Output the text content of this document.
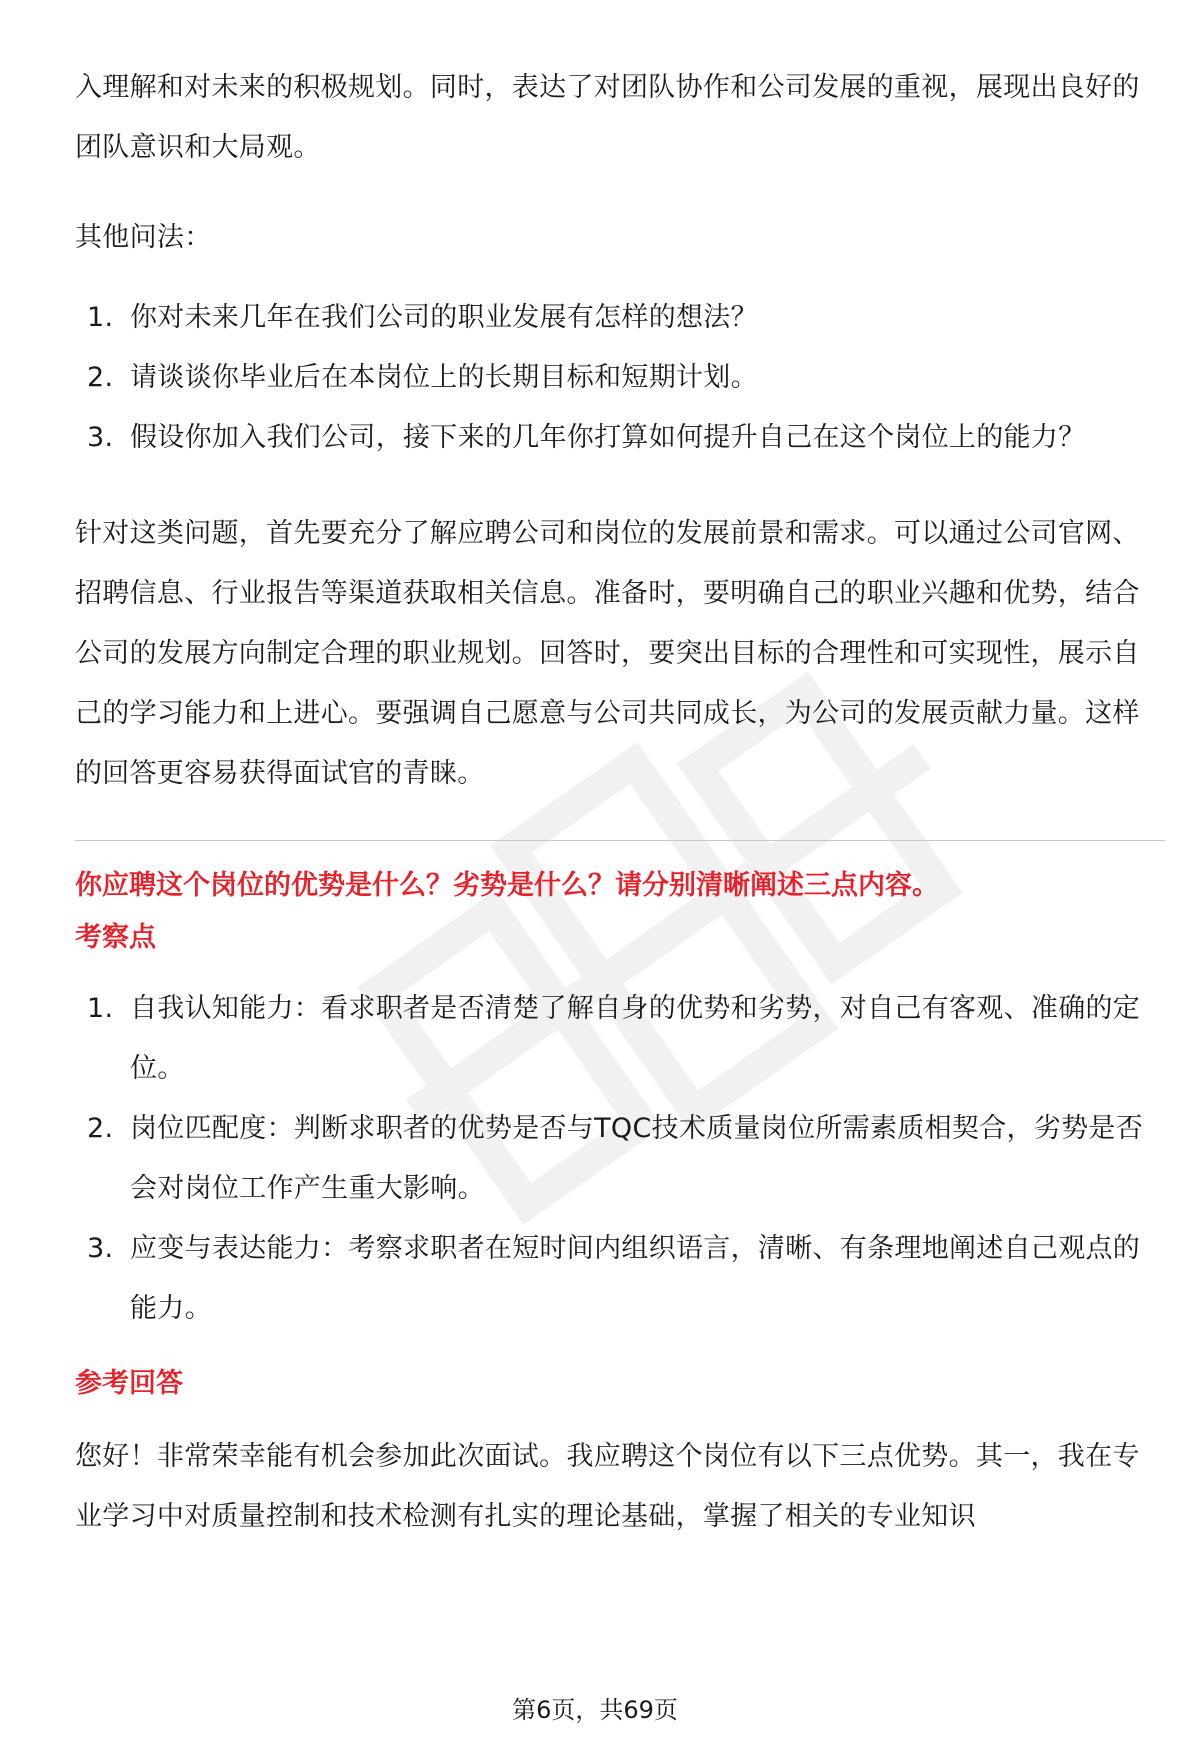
入理解和对未来的积极规划。同时，表达了对团队协作和公司发展的重视，展现出良好的团队意识和大局观。

其他问法：

1. 你对未来几年在我们公司的职业发展有怎样的想法？
2. 请谈谈你毕业后在本岗位上的长期目标和短期计划。
3. 假设你加入我们公司，接下来的几年你打算如何提升自己在这个岗位上的能力？

针对这类问题，首先要充分了解应聘公司和岗位的发展前景和需求。可以通过公司官网、招聘信息、行业报告等渠道获取相关信息。准备时，要明确自己的职业兴趣和优势，结合公司的发展方向制定合理的职业规划。回答时，要突出目标的合理性和可实现性，展示自己的学习能力和上进心。要强调自己愿意与公司共同成长，为公司的发展贡献力量。这样的回答更容易获得面试官的青睐。

你应聘这个岗位的优势是什么？劣势是什么？请分别清晰阐述三点内容。

考察点

1. 自我认知能力：看求职者是否清楚了解自身的优势和劣势，对自己有客观、准确的定位。
2. 岗位匹配度：判断求职者的优势是否与TQC技术质量岗位所需素质相契合，劣势是否会对岗位工作产生重大影响。
3. 应变与表达能力：考察求职者在短时间内组织语言，清晰、有条理地阐述自己观点的能力。

参考回答

您好！非常荣幸能有机会参加此次面试。我应聘这个岗位有以下三点优势。其一，我在专业学习中对质量控制和技术检测有扎实的理论基础，掌握了相关的专业知识

第6页，共69页
